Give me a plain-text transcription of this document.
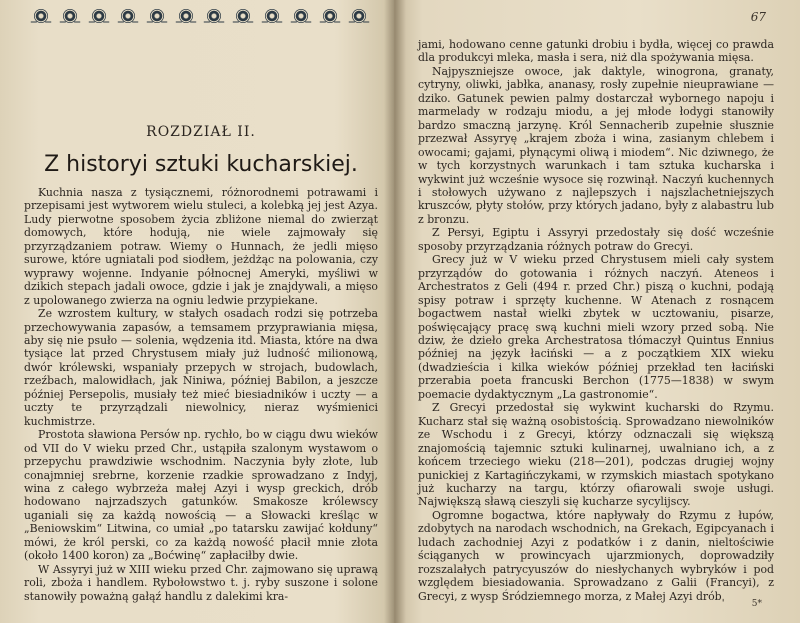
ROZDZIAŁ II.
Z historyi sztuki kucharskiej.

Kuchnia nasza z tysiącznemi, różnorodnemi potrawami i przepisami jest wytworem wielu stuleci, a kolebką jej jest Azya. Ludy pierwotne sposobem życia zbliżone niemal do zwierząt domowych, które hodują, nie wiele zajmowały się przyrządzaniem potraw. Wiemy o Hunnach, że jedli mięso surowe, które ugniatali pod siodłem, jeżdżąc na polowania, czy wyprawy wojenne. Indyanie północnej Ameryki, myśliwi w dzikich stepach jadali owoce, gdzie i jak je znajdywali, a mięso z upolowanego zwierza na ogniu ledwie przypiekane.

Ze wzrostem kultury, w stałych osadach rodzi się potrzeba przechowywania zapasów, a temsamem przyprawiania mięsa, aby się nie psuło — solenia, wędzenia itd. Miasta, które na dwa tysiące lat przed Chrystusem miały już ludność milionową, dwór królewski, wspaniały przepych w strojach, budowlach, rzeźbach, malowidłach, jak Niniwa, później Babilon, a jeszcze później Persepolis, musiały też mieć biesiadników i uczty — a uczty te przyrządzali niewolnicy, nieraz wyśmienici kuchmistrze.

Prostota sławiona Persów np. rychło, bo w ciągu dwu wieków od VII do V wieku przed Chr., ustąpiła szalonym wystawom o przepychu prawdziwie wschodnim. Naczynia były złote, lub conajmniej srebrne, korzenie rzadkie sprowadzano z Indyj, wina z całego wybrzeża małej Azyi i wysp greckich, drób hodowano najrzadszych gatunków. Smakosze królewscy uganiali się za każdą nowością — a Słowacki kreśląc w „Beniowskim“ Litwina, co umiał „po tatarsku zawijać kołduny“ mówi, że król perski, co za każdą nowość płacił mnie złota (około 1400 koron) za „Boćwinę“ zapłaciłby dwie.

W Assyryi już w XIII wieku przed Chr. zajmowano się uprawą roli, zboża i handlem. Rybołowstwo t. j. ryby suszone i solone stanowiły poważną gałąź handlu z dalekimi kra-

67

jami, hodowano cenne gatunki drobiu i bydła, więcej co prawda dla produkcyi mleka, masła i sera, niż dla spożywania mięsa.

Najpyszniejsze owoce, jak daktyle, winogrona, granaty, cytryny, oliwki, jabłka, ananasy, rosły zupełnie nieuprawiane — dziko. Gatunek pewien palmy dostarczał wybornego napoju i marmelady w rodzaju miodu, a jej młode łodygi stanowiły bardzo smaczną jarzynę. Król Sennacherib zupełnie słusznie przezwał Assyryę „krajem zboża i wina, zasianym chlebem i owocami; gajami, płynącymi oliwą i miodem“. Nic dziwnego, że w tych korzystnych warunkach i tam sztuka kucharska i wykwint już wcześnie wysoce się rozwinął. Naczyń kuchennych i stołowych używano z najlepszych i najszlachetniejszych kruszców, płyty stołów, przy których jadano, były z alabastru lub z bronzu.

Z Persyi, Egiptu i Assyryi przedostały się dość wcześnie sposoby przyrządzania różnych potraw do Grecyi.

Grecy już w V wieku przed Chrystusem mieli cały system przyrządów do gotowania i różnych naczyń. Ateneos i Archestratos z Geli (494 r. przed Chr.) piszą o kuchni, podają spisy potraw i sprzęty kuchenne. W Atenach z rosnącem bogactwem nastał wielki zbytek w ucztowaniu, pisarze, poświęcający pracę swą kuchni mieli wzory przed sobą. Nie dziw, że dzieło greka Archestratosa tłómaczył Quintus Ennius później na język łaciński — a z początkiem XIX wieku (dwadzieścia i kilka wieków później przekład ten łaciński przerabia poeta francuski Berchon (1775—1838) w swym poemacie dydaktycznym „La gastronomie“.

Z Grecyi przedostał się wykwint kucharski do Rzymu. Kucharz stał się ważną osobistością. Sprowadzano niewolników ze Wschodu i z Grecyi, którzy odznaczali się większą znajomością tajemnic sztuki kulinarnej, uwalniano ich, a z końcem trzeciego wieku (218—201), podczas drugiej wojny punickiej z Kartagińczykami, w rzymskich miastach spotykano już kucharzy na targu, którzy ofiarowali swoje usługi. Największą sławą cieszyli się kucharze sycylijscy.

Ogromne bogactwa, które napływały do Rzymu z łupów, zdobytych na narodach wschodnich, na Grekach, Egipcyanach i ludach zachodniej Azyi z podatków i z danin, nieltościwie ściąganych w prowincyach ujarzmionych, doprowadziły rozszalałych patrycyuszów do niesłychanych wybryków i pod względem biesiadowania. Sprowadzano z Galii (Francyi), z Grecyi, z wysp Śródziemnego morza, z Małej Azyi dróbˌ

5*
